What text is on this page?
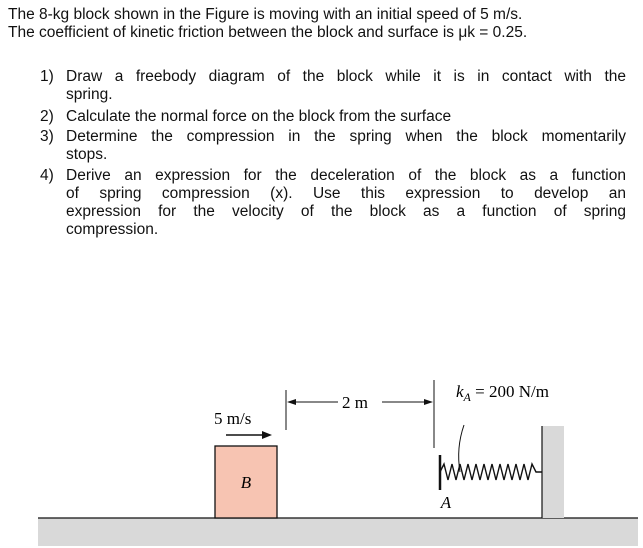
The 8-kg block shown in the Figure is moving with an initial speed of 5 m/s.
The coefficient of kinetic friction between the block and surface is μk = 0.25.
1) Draw a freebody diagram of the block while it is in contact with the
spring.
2) Calculate the normal force on the block from the surface
3) Determine the compression in the spring when the block momentarily
stops.
4) Derive an expression for the deceleration of the block as a function
of spring compression (x). Use this expression to develop an
expression for the velocity of the block as a function of spring
compression.
B
5 m/s
2 m
$k_A = 200$ N/m
A
